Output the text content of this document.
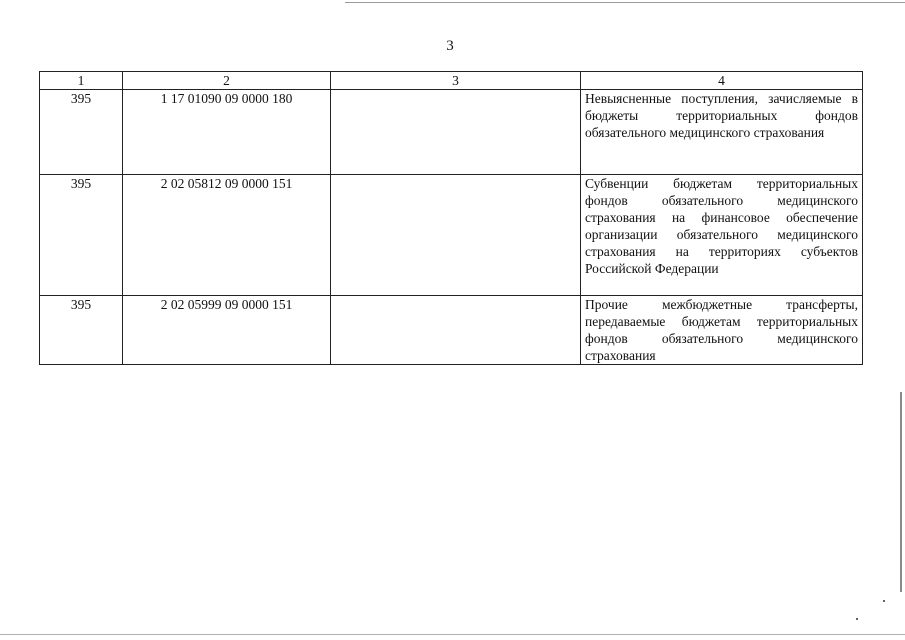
3
1	2	3	4
395	1 17 01090 09 0000 180		Невыясненные поступления, зачисляемые в бюджеты территориальных фондов обязательного медицинского страхования
395	2 02 05812 09 0000 151		Субвенции бюджетам территориальных фондов обязательного медицинского страхования на финансовое обеспечение организации обязательного медицинского страхования на территориях субъектов Российской Федерации
395	2 02 05999 09 0000 151		Прочие межбюджетные трансферты, передаваемые бюджетам территориальных фондов обязательного медицинского страхования
